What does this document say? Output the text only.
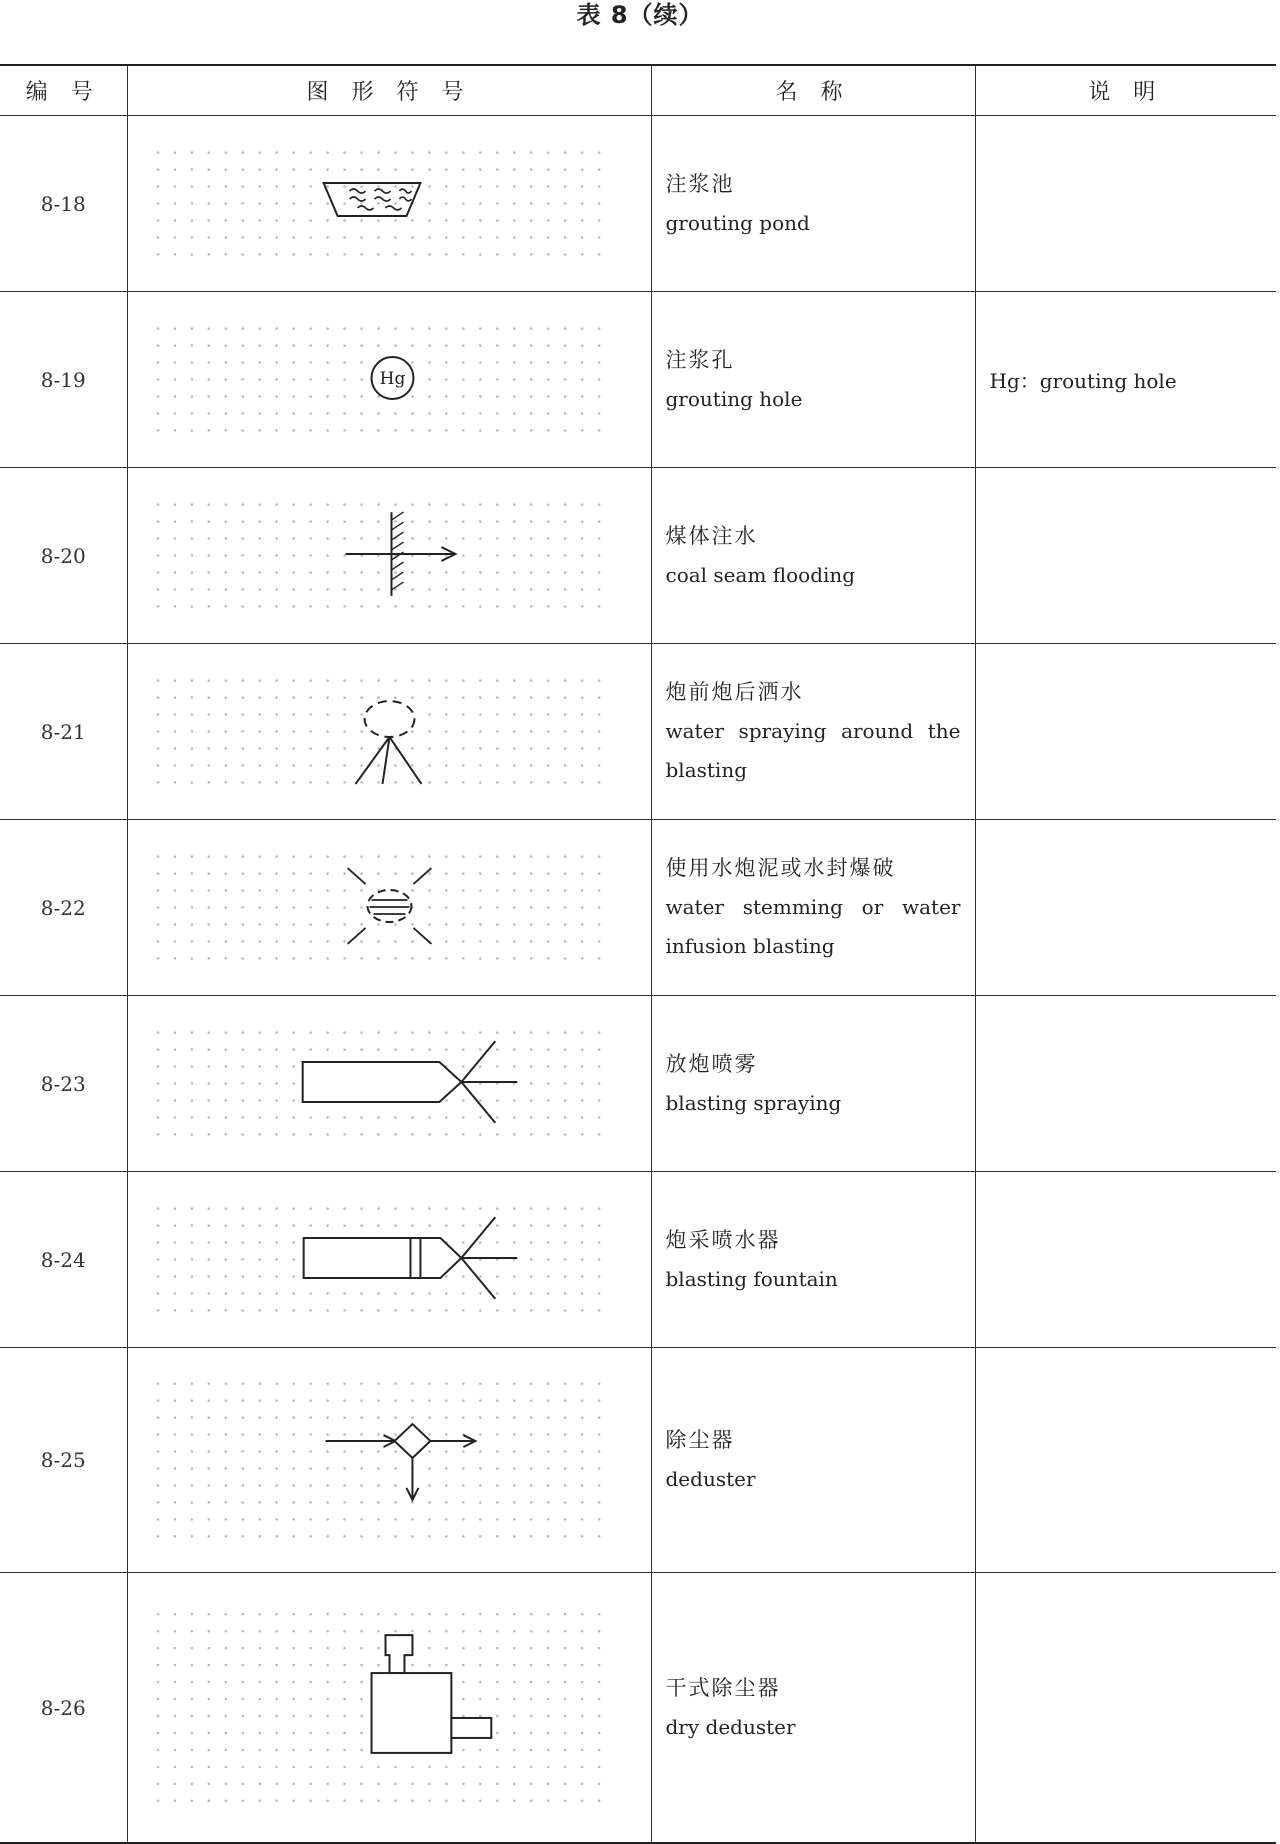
表 8（续）
编 号	图 形 符 号	名 称	说 明
8-18		注浆池
grouting pond	

8-19	Hg	注浆孔
grouting hole	Hg：grouting hole
8-20		煤体注水
coal seam flooding	

8-21		炮前炮后洒水
water spraying around the blasting	

8-22		使用水炮泥或水封爆破
water stemming or water infusion blasting	

8-23		放炮喷雾
blasting spraying	

8-24		炮采喷水器
blasting fountain	

8-25		除尘器
deduster	

8-26		干式除尘器
dry deduster	
